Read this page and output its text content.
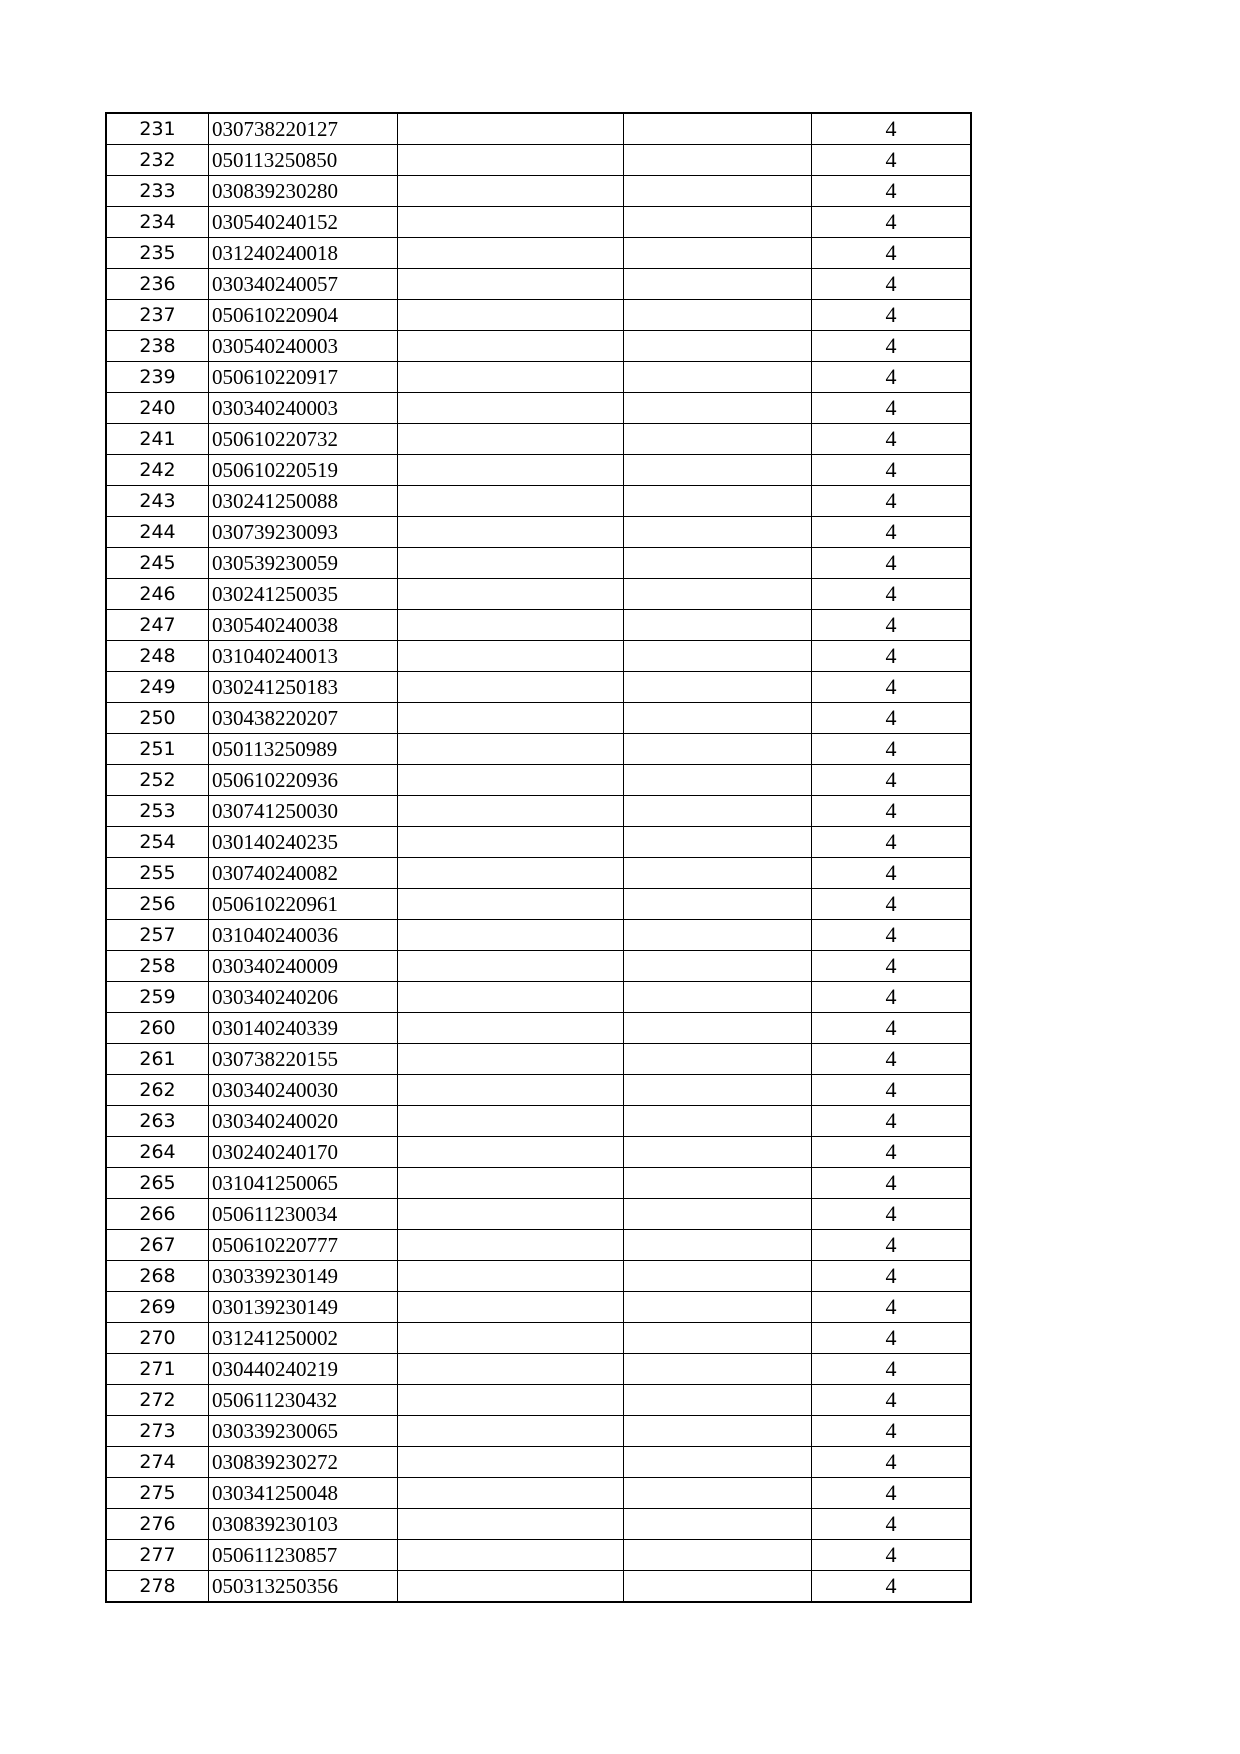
231	030738220127			4
232	050113250850			4
233	030839230280			4
234	030540240152			4
235	031240240018			4
236	030340240057			4
237	050610220904			4
238	030540240003			4
239	050610220917			4
240	030340240003			4
241	050610220732			4
242	050610220519			4
243	030241250088			4
244	030739230093			4
245	030539230059			4
246	030241250035			4
247	030540240038			4
248	031040240013			4
249	030241250183			4
250	030438220207			4
251	050113250989			4
252	050610220936			4
253	030741250030			4
254	030140240235			4
255	030740240082			4
256	050610220961			4
257	031040240036			4
258	030340240009			4
259	030340240206			4
260	030140240339			4
261	030738220155			4
262	030340240030			4
263	030340240020			4
264	030240240170			4
265	031041250065			4
266	050611230034			4
267	050610220777			4
268	030339230149			4
269	030139230149			4
270	031241250002			4
271	030440240219			4
272	050611230432			4
273	030339230065			4
274	030839230272			4
275	030341250048			4
276	030839230103			4
277	050611230857			4
278	050313250356			4
